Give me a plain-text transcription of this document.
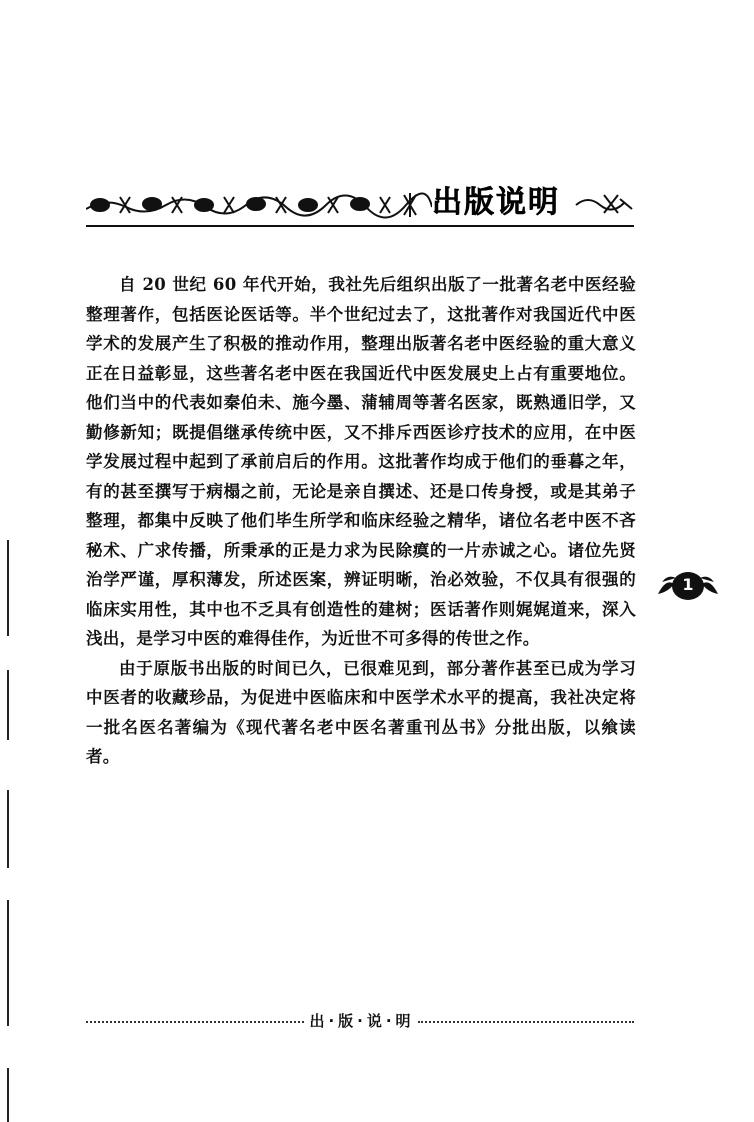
出版说明

自 20 世纪 60 年代开始，我社先后组织出版了一批著名老中医经验整理著作，包括医论医话等。半个世纪过去了，这批著作对我国近代中医学术的发展产生了积极的推动作用，整理出版著名老中医经验的重大意义正在日益彰显，这些著名老中医在我国近代中医发展史上占有重要地位。他们当中的代表如秦伯未、施今墨、蒲辅周等著名医家，既熟通旧学，又勤修新知；既提倡继承传统中医，又不排斥西医诊疗技术的应用，在中医学发展过程中起到了承前启后的作用。这批著作均成于他们的垂暮之年，有的甚至撰写于病榻之前，无论是亲自撰述、还是口传身授，或是其弟子整理，都集中反映了他们毕生所学和临床经验之精华，诸位名老中医不吝秘术、广求传播，所秉承的正是力求为民除瘼的一片赤诚之心。诸位先贤治学严谨，厚积薄发，所述医案，辨证明晰，治必效验，不仅具有很强的临床实用性，其中也不乏具有创造性的建树；医话著作则娓娓道来，深入浅出，是学习中医的难得佳作，为近世不可多得的传世之作。

由于原版书出版的时间已久，已很难见到，部分著作甚至已成为学习中医者的收藏珍品，为促进中医临床和中医学术水平的提高，我社决定将一批名医名著编为《现代著名老中医名著重刊丛书》分批出版，以飨读者。

1
出·版·说·明
